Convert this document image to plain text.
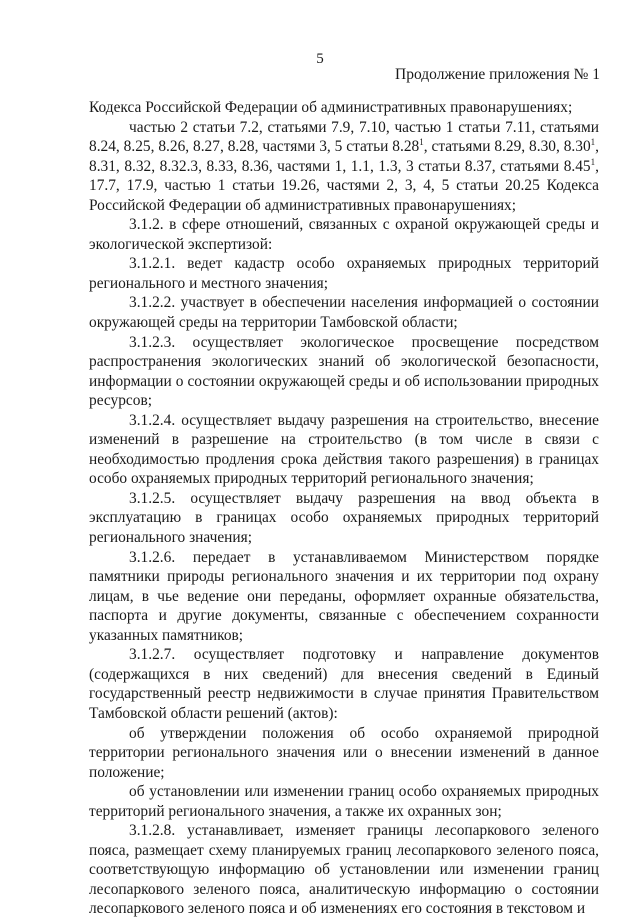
5
Продолжение приложения № 1

Кодекса Российской Федерации об административных правонарушениях;

частью 2 статьи 7.2, статьями 7.9, 7.10, частью 1 статьи 7.11, статьями 8.24, 8.25, 8.26, 8.27, 8.28, частями 3, 5 статьи 8.28$^1$, статьями 8.29, 8.30, 8.30$^1$, 8.31, 8.32, 8.32.3, 8.33, 8.36, частями 1, 1.1, 1.3, 3 статьи 8.37, статьями 8.45$^1$, 17.7, 17.9, частью 1 статьи 19.26, частями 2, 3, 4, 5 статьи 20.25 Кодекса Российской Федерации об административных правонарушениях;

3.1.2. в сфере отношений, связанных с охраной окружающей среды и экологической экспертизой:

3.1.2.1. ведет кадастр особо охраняемых природных территорий регионального и местного значения;

3.1.2.2. участвует в обеспечении населения информацией о состоянии окружающей среды на территории Тамбовской области;

3.1.2.3. осуществляет экологическое просвещение посредством распространения экологических знаний об экологической безопасности, информации о состоянии окружающей среды и об использовании природных ресурсов;

3.1.2.4. осуществляет выдачу разрешения на строительство, внесение изменений в разрешение на строительство (в том числе в связи с необходимостью продления срока действия такого разрешения) в границах особо охраняемых природных территорий регионального значения;

3.1.2.5. осуществляет выдачу разрешения на ввод объекта в эксплуатацию в границах особо охраняемых природных территорий регионального значения;

3.1.2.6. передает в устанавливаемом Министерством порядке памятники природы регионального значения и их территории под охрану лицам, в чье ведение они переданы, оформляет охранные обязательства, паспорта и другие документы, связанные с обеспечением сохранности указанных памятников;

3.1.2.7. осуществляет подготовку и направление документов (содержащихся в них сведений) для внесения сведений в Единый государственный реестр недвижимости в случае принятия Правительством Тамбовской области решений (актов):

об утверждении положения об особо охраняемой природной территории регионального значения или о внесении изменений в данное положение;

об установлении или изменении границ особо охраняемых природных территорий регионального значения, а также их охранных зон;

3.1.2.8. устанавливает, изменяет границы лесопаркового зеленого пояса, размещает схему планируемых границ лесопаркового зеленого пояса, соответствующую информацию об установлении или изменении границ лесопаркового зеленого пояса, аналитическую информацию о состоянии лесопаркового зеленого пояса и об изменениях его состояния в текстовом и
